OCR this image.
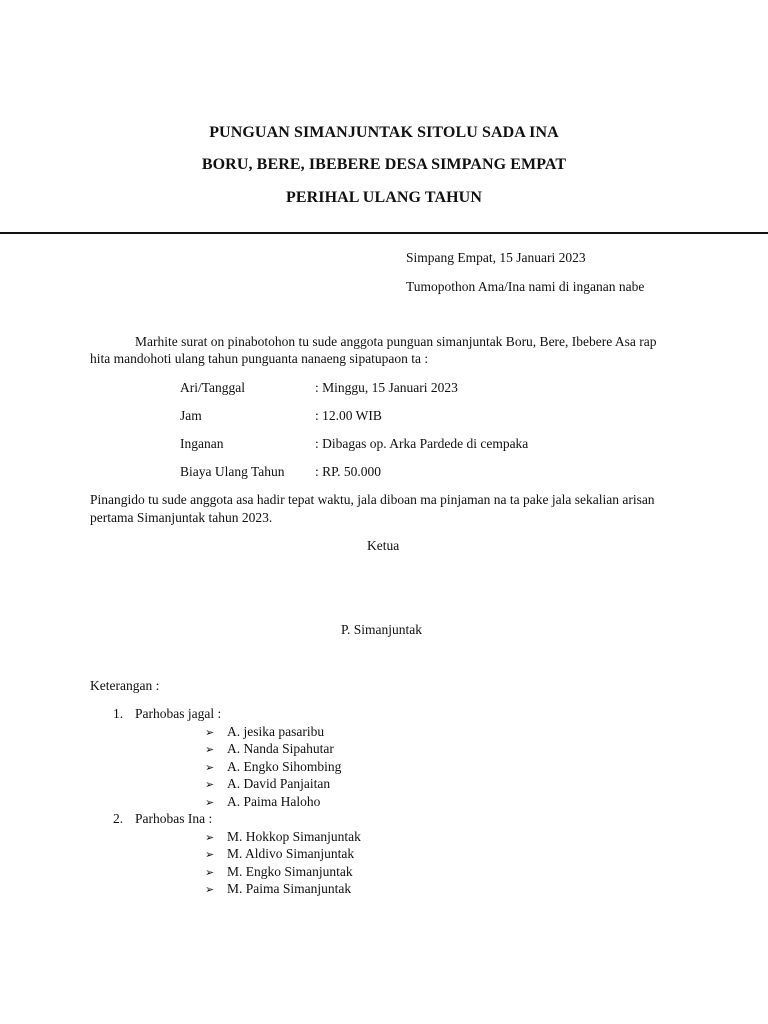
PUNGUAN SIMANJUNTAK SITOLU SADA INA
BORU, BERE, IBEBERE DESA SIMPANG EMPAT
PERIHAL ULANG TAHUN
Simpang Empat, 15 Januari 2023
Tumopothon Ama/Ina nami di inganan nabe
Marhite surat on pinabotohon tu sude anggota punguan simanjuntak Boru, Bere, Ibebere Asa rap
hita mandohoti ulang tahun punguanta nanaeng sipatupaon ta :
Ari/Tanggal	: Minggu, 15 Januari 2023
Jam	: 12.00 WIB
Inganan	: Dibagas op. Arka Pardede di cempaka
Biaya Ulang Tahun : RP. 50.000
Pinangido tu sude anggota asa hadir tepat waktu, jala diboan ma pinjaman na ta pake jala sekalian arisan
pertama Simanjuntak tahun 2023.
Ketua
P. Simanjuntak
Keterangan :
1. Parhobas jagal :
➢ A. jesika pasaribu
➢ A. Nanda Sipahutar
➢ A. Engko Sihombing
➢ A. David Panjaitan
➢ A. Paima Haloho
2. Parhobas Ina :
➢ M. Hokkop Simanjuntak
➢ M. Aldivo Simanjuntak
➢ M. Engko Simanjuntak
➢ M. Paima Simanjuntak
